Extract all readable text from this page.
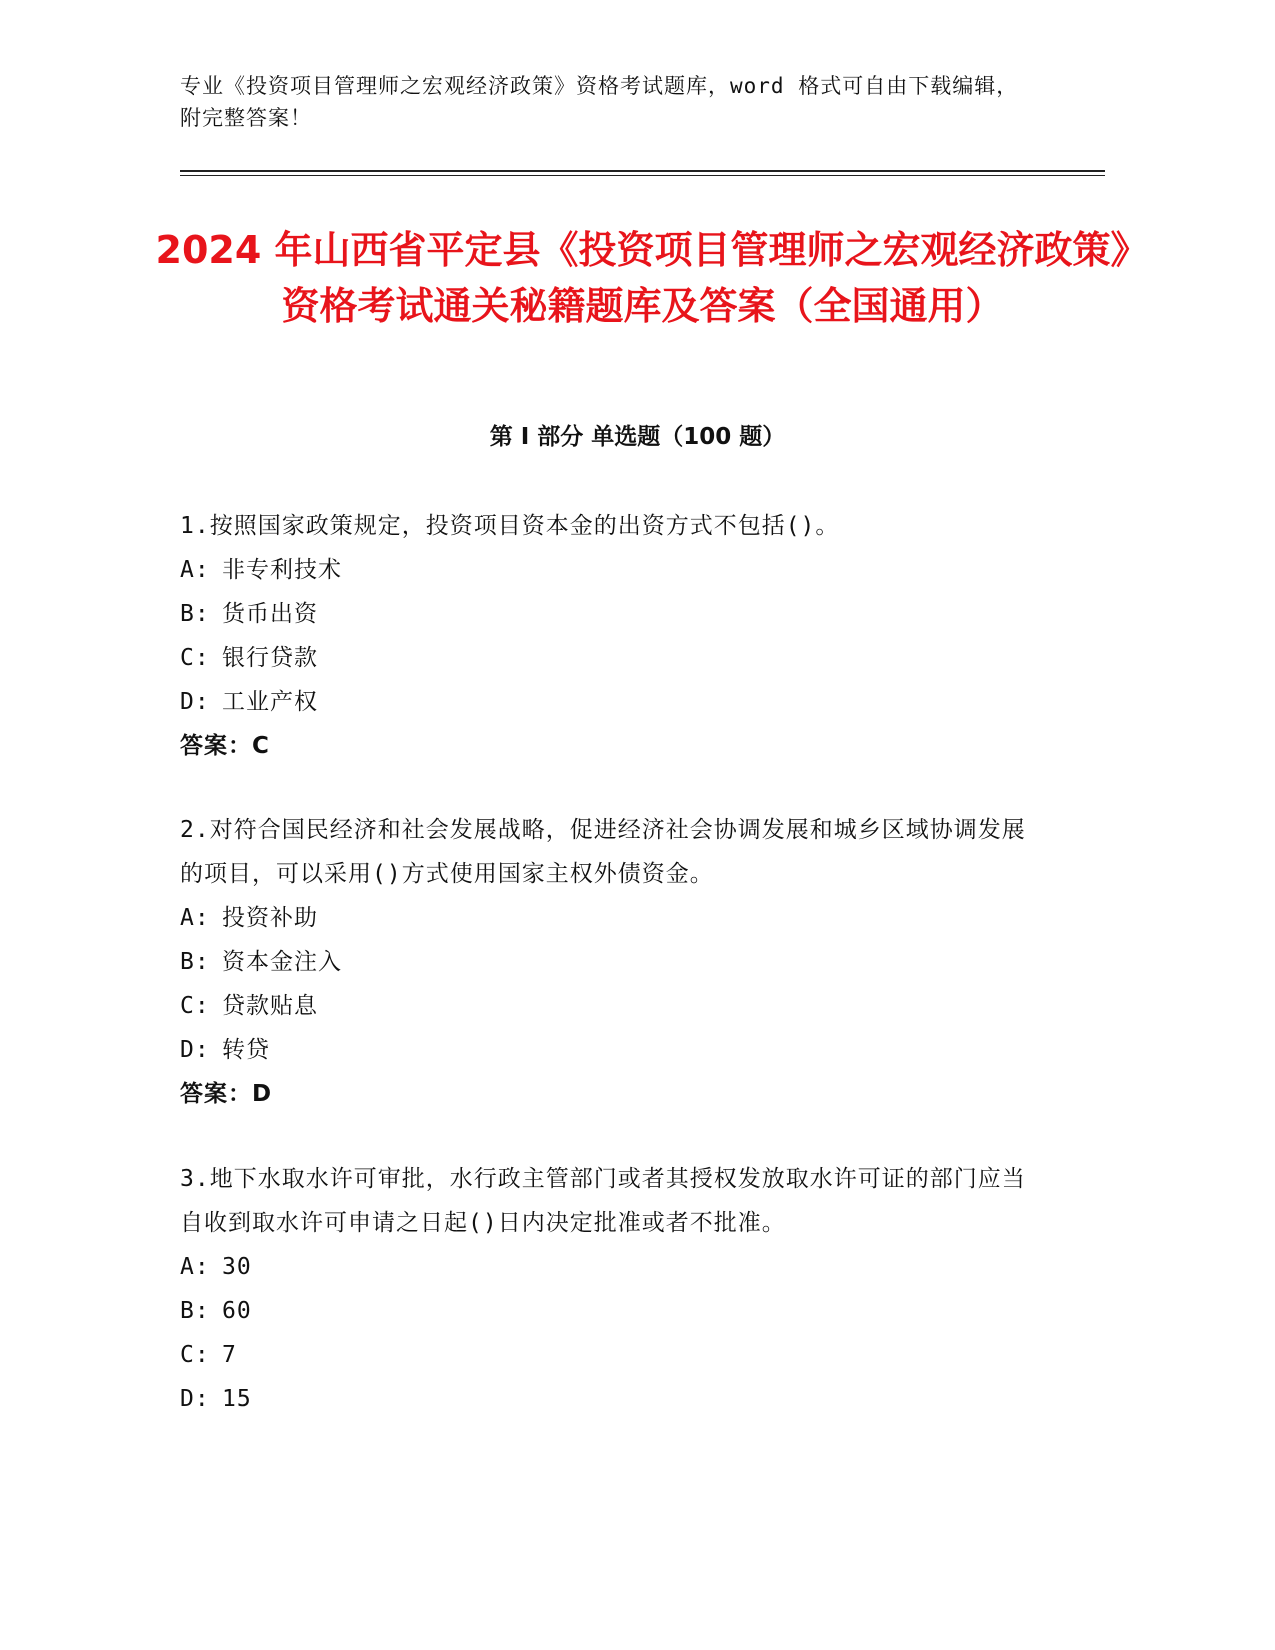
专业《投资项目管理师之宏观经济政策》资格考试题库，word 格式可自由下载编辑，附完整答案！
2024 年山西省平定县《投资项目管理师之宏观经济政策》资格考试通关秘籍题库及答案（全国通用）
第 I 部分 单选题（100 题）
1.按照国家政策规定，投资项目资本金的出资方式不包括()。
A: 非专利技术
B: 货币出资
C: 银行贷款
D: 工业产权
答案：C
2.对符合国民经济和社会发展战略，促进经济社会协调发展和城乡区域协调发展的项目，可以采用()方式使用国家主权外债资金。
A: 投资补助
B: 资本金注入
C: 贷款贴息
D: 转贷
答案：D
3.地下水取水许可审批，水行政主管部门或者其授权发放取水许可证的部门应当自收到取水许可申请之日起()日内决定批准或者不批准。
A: 30
B: 60
C: 7
D: 15
